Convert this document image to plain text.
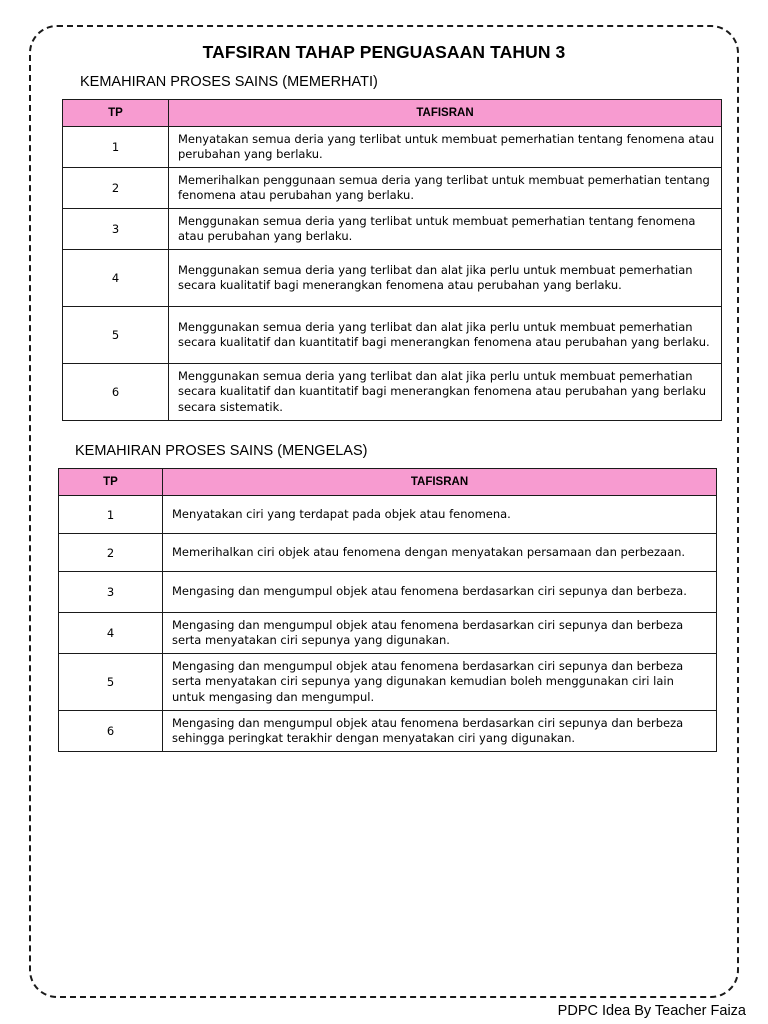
TAFSIRAN TAHAP PENGUASAAN TAHUN 3
KEMAHIRAN PROSES SAINS (MEMERHATI)
TP	TAFISRAN
1	Menyatakan semua deria yang terlibat untuk membuat pemerhatian tentang fenomena atau perubahan yang berlaku.
2	Memerihalkan penggunaan semua deria yang terlibat untuk membuat pemerhatian tentang fenomena atau perubahan yang berlaku.
3	Menggunakan semua deria yang terlibat untuk membuat pemerhatian tentang fenomena atau perubahan yang berlaku.
4	Menggunakan semua deria yang terlibat dan alat jika perlu untuk membuat pemerhatian secara kualitatif bagi menerangkan fenomena atau perubahan yang berlaku.
5	Menggunakan semua deria yang terlibat dan alat jika perlu untuk membuat pemerhatian secara kualitatif dan kuantitatif bagi menerangkan fenomena atau perubahan yang berlaku.
6	Menggunakan semua deria yang terlibat dan alat jika perlu untuk membuat pemerhatian secara kualitatif dan kuantitatif bagi menerangkan fenomena atau perubahan yang berlaku secara sistematik.
KEMAHIRAN PROSES SAINS (MENGELAS)
TP	TAFISRAN
1	Menyatakan ciri yang terdapat pada objek atau fenomena.
2	Memerihalkan ciri objek atau fenomena dengan menyatakan persamaan dan perbezaan.
3	Mengasing dan mengumpul objek atau fenomena berdasarkan ciri sepunya dan berbeza.
4	Mengasing dan mengumpul objek atau fenomena berdasarkan ciri sepunya dan berbeza serta menyatakan ciri sepunya yang digunakan.
5	Mengasing dan mengumpul objek atau fenomena berdasarkan ciri sepunya dan berbeza serta menyatakan ciri sepunya yang digunakan kemudian boleh menggunakan ciri lain untuk mengasing dan mengumpul.
6	Mengasing dan mengumpul objek atau fenomena berdasarkan ciri sepunya dan berbeza sehingga peringkat terakhir dengan menyatakan ciri yang digunakan.
PDPC Idea By Teacher Faiza
